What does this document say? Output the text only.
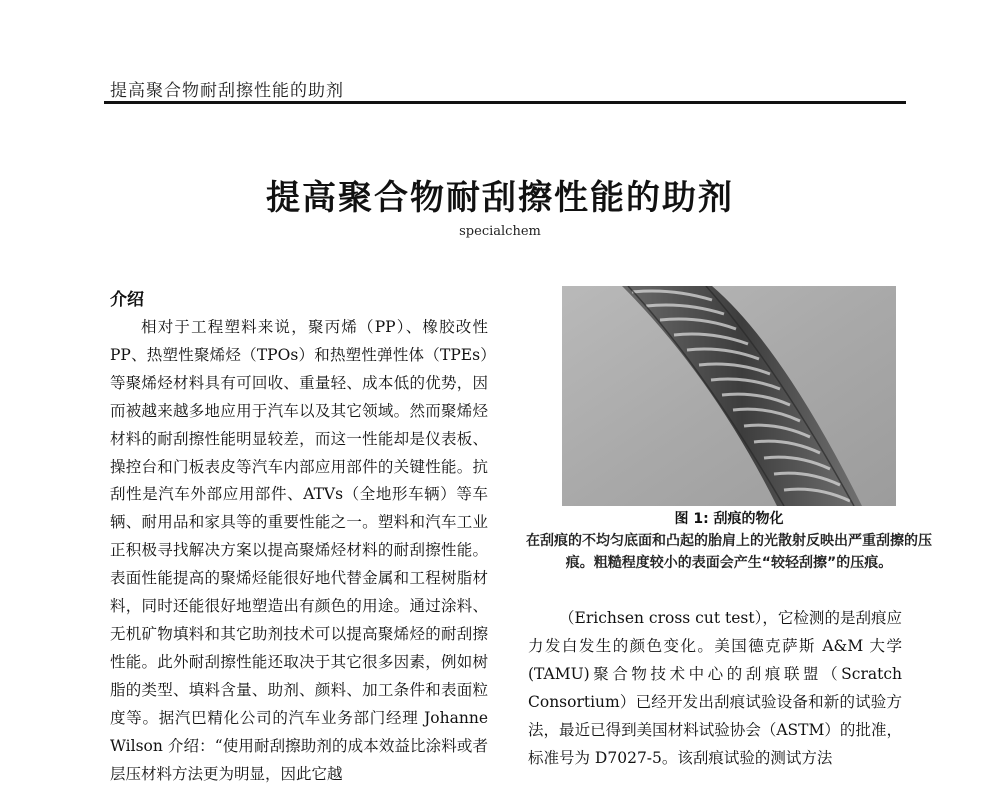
提高聚合物耐刮擦性能的助剂
提高聚合物耐刮擦性能的助剂
specialchem
介绍

相对于工程塑料来说，聚丙烯（PP）、橡胶改性 PP、热塑性聚烯烃（TPOs）和热塑性弹性体（TPEs）等聚烯烃材料具有可回收、重量轻、成本低的优势，因而被越来越多地应用于汽车以及其它领域。然而聚烯烃材料的耐刮擦性能明显较差，而这一性能却是仪表板、操控台和门板表皮等汽车内部应用部件的关键性能。抗刮性是汽车外部应用部件、ATVs（全地形车辆）等车辆、耐用品和家具等的重要性能之一。塑料和汽车工业正积极寻找解决方案以提高聚烯烃材料的耐刮擦性能。表面性能提高的聚烯烃能很好地代替金属和工程树脂材料，同时还能很好地塑造出有颜色的用途。通过涂料、无机矿物填料和其它助剂技术可以提高聚烯烃的耐刮擦性能。此外耐刮擦性能还取决于其它很多因素，例如树脂的类型、填料含量、助剂、颜料、加工条件和表面粒度等。据汽巴精化公司的汽车业务部门经理 Johanne Wilson 介绍：“使用耐刮擦助剂的成本效益比涂料或者层压材料方法更为明显，因此它越

图 1: 刮痕的物化
在刮痕的不均匀底面和凸起的胎肩上的光散射反映出严重刮擦的压痕。粗糙程度较小的表面会产生“较轻刮擦”的压痕。

（Erichsen cross cut test），它检测的是刮痕应力发白发生的颜色变化。美国德克萨斯 A&M 大学(TAMU)聚合物技术中心的刮痕联盟（Scratch Consortium）已经开发出刮痕试验设备和新的试验方法，最近已得到美国材料试验协会（ASTM）的批准，标准号为 D7027-5。该刮痕试验的测试方法
